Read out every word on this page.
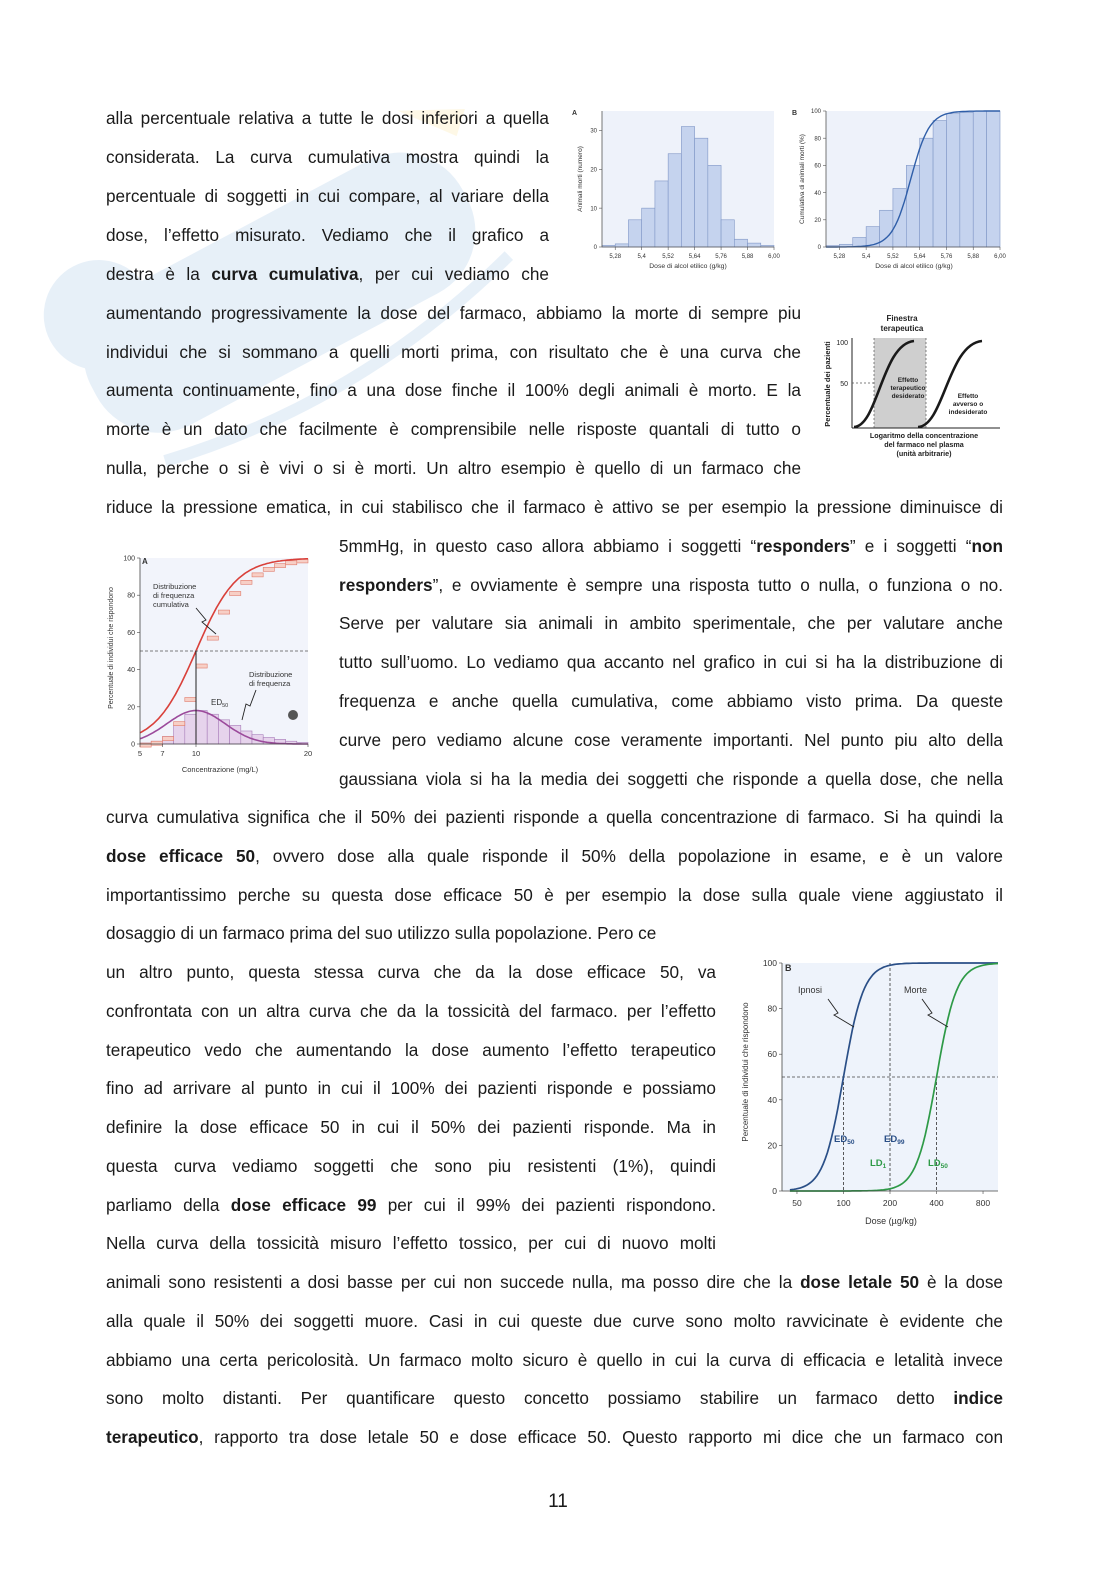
alla percentuale relativa a tutte le dosi inferiori a quella
considerata. La curva cumulativa mostra quindi la
percentuale di soggetti in cui compare, al variare della
dose, l’effetto misurato. Vediamo che il grafico a
destra è la curva cumulativa, per cui vediamo che
aumentando progressivamente la dose del farmaco, abbiamo la morte di sempre piu
individui che si sommano a quelli morti prima, con risultato che è una curva che
aumenta continuamente, fino a una dose finche il 100% degli animali è morto. E la
morte è un dato che facilmente è comprensibile nelle risposte quantali di tutto o
nulla, perche o si è vivi o si è morti. Un altro esempio è quello di un farmaco che
riduce la pressione ematica, in cui stabilisco che il farmaco è attivo se per esempio la pressione diminuisce di
5mmHg, in questo caso allora abbiamo i soggetti “responders” e i soggetti “non
responders”, e ovviamente è sempre una risposta tutto o nulla, o funziona o no.
Serve per valutare sia animali in ambito sperimentale, che per valutare anche
tutto sull’uomo. Lo vediamo qua accanto nel grafico in cui si ha la distribuzione di
frequenza e anche quella cumulativa, come abbiamo visto prima. Da queste
curve pero vediamo alcune cose veramente importanti. Nel punto piu alto della
gaussiana viola si ha la media dei soggetti che risponde a quella dose, che nella
curva cumulativa significa che il 50% dei pazienti risponde a quella concentrazione di farmaco. Si ha quindi la
dose efficace 50, ovvero dose alla quale risponde il 50% della popolazione in esame, e è un valore
importantissimo perche su questa dose efficace 50 è per esempio la dose sulla quale viene aggiustato il
dosaggio di un farmaco prima del suo utilizzo sulla popolazione. Pero ce
un altro punto, questa stessa curva che da la dose efficace 50, va
confrontata con un altra curva che da la tossicità del farmaco. per l’effetto
terapeutico vedo che aumentando la dose aumento l’effetto terapeutico
fino ad arrivare al punto in cui il 100% dei pazienti risponde e possiamo
definire la dose efficace 50 in cui il 50% dei pazienti risponde. Ma in
questa curva vediamo soggetti che sono piu resistenti (1%), quindi
parliamo della dose efficace 99 per cui il 99% dei pazienti rispondono.
Nella curva della tossicità misuro l’effetto tossico, per cui di nuovo molti
animali sono resistenti a dosi basse per cui non succede nulla, ma posso dire che la dose letale 50 è la dose
alla quale il 50% dei soggetti muore. Casi in cui queste due curve sono molto ravvicinate è evidente che
abbiamo una certa pericolosità. Un farmaco molto sicuro è quello in cui la curva di efficacia e letalità invece
sono molto distanti. Per quantificare questo concetto possiamo stabilire un farmaco detto indice
terapeutico, rapporto tra dose letale 50 e dose efficace 50. Questo rapporto mi dice che un farmaco con
0
10
20
30
5,28	5,4	5,52 5,64 5,76 5,88 6,00
A
Animali morti (numero)
Dose di alcol etilico (g/kg)
0
20
40
60
80
100
5,28	5,4	5,52	5,64	5,76	5,88	6,00
B
Cumulativa di animali morti (%)
Dose di alcol etilico (g/kg)
Finestra
terapeutica
100
50
Percentuale dei pazienti	Effetto
terapeutico
desiderato	Effetto
avverso o
indesiderato
Logaritmo della concentrazione
del farmaco nel plasma
(unità arbitrarie)
0
20
40
60
80
100
5 7	10	20
A
Percentuale di individui che rispondono
Concentrazione (mg/L)
Distribuzione
di frequenza
cumulativa
Distribuzione
di frequenza
$ED_{50}$
0
20
40
60
80
100
50	100	200	400	800
B
Percentuale di individui che rispondono
Dose (µg/kg)
Ipnosi	Morte
$ED_{50}$	$ED_{99}$
$LD_1$	$LD_{50}$
11
